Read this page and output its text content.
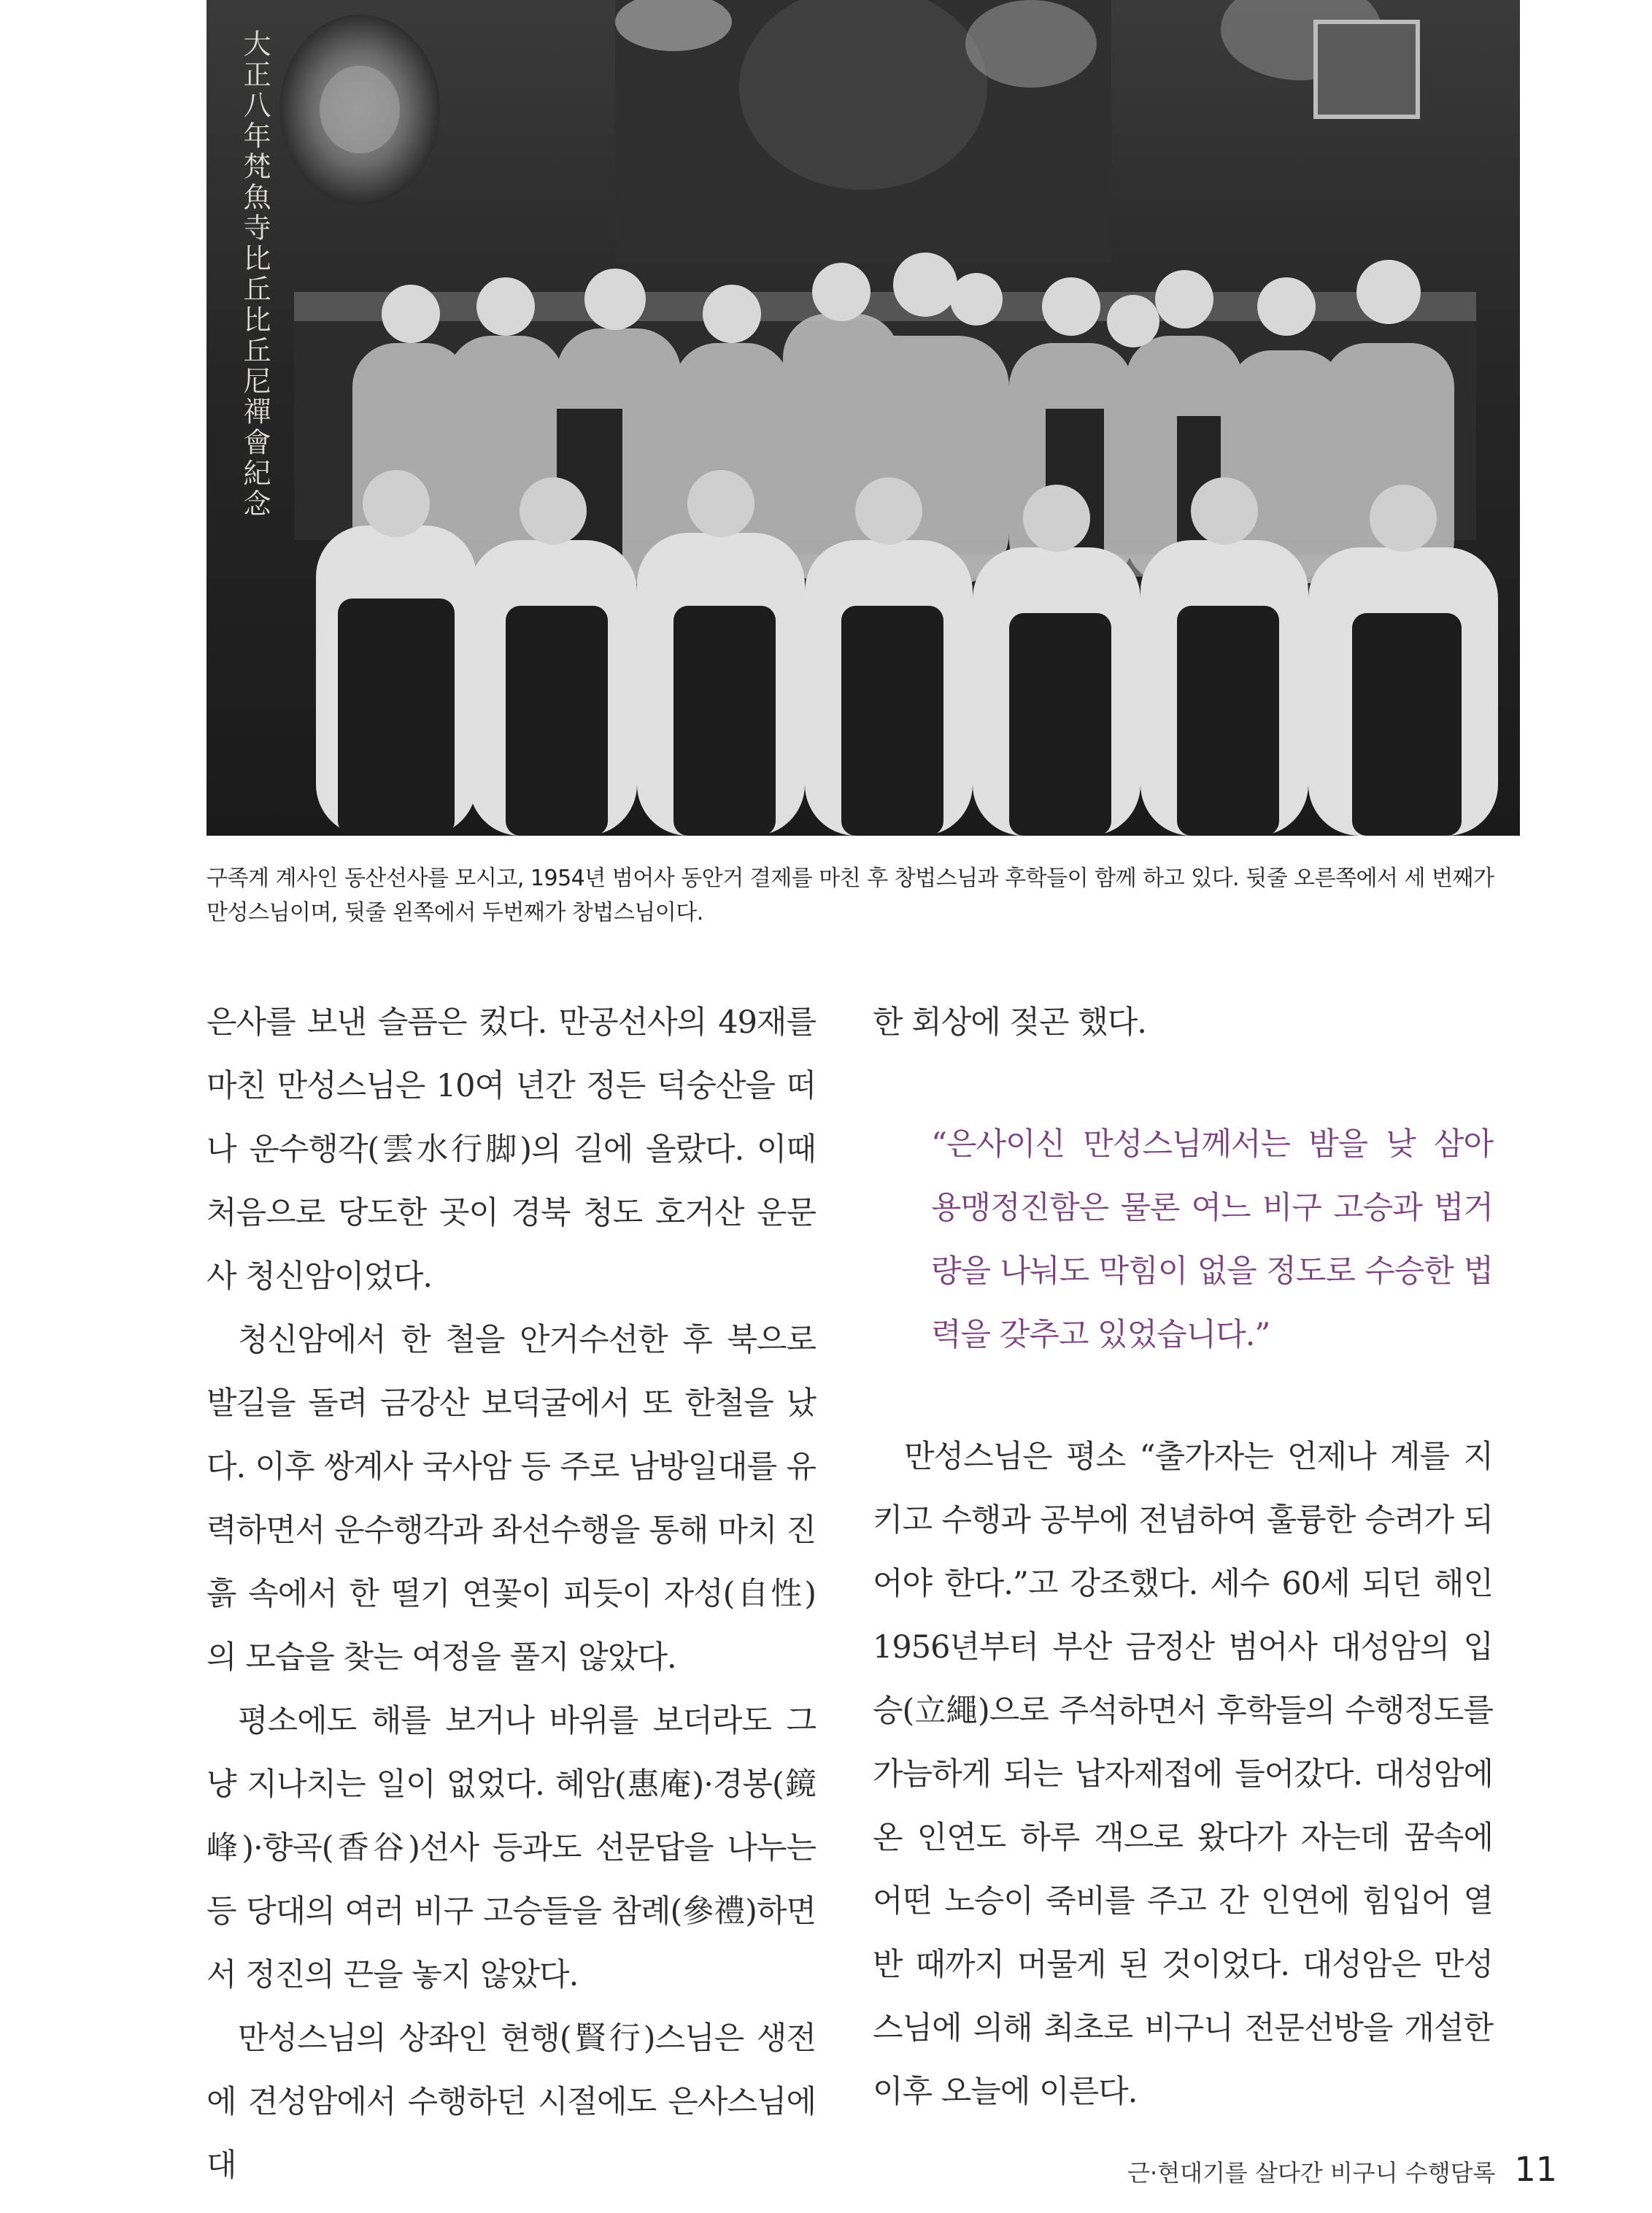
大正八年梵魚寺比丘比丘尼禪會紀念
구족계 계사인 동산선사를 모시고, 1954년 범어사 동안거 결제를 마친 후 창법스님과 후학들이 함께 하고 있다. 뒷줄 오른쪽에서 세 번째가 만성스님이며, 뒷줄 왼쪽에서 두번째가 창법스님이다.

은사를 보낸 슬픔은 컸다. 만공선사의 49재를 마친 만성스님은 10여 년간 정든 덕숭산을 떠나 운수행각(雲水行脚)의 길에 올랐다. 이때 처음으로 당도한 곳이 경북 청도 호거산 운문사 청신암이었다.

청신암에서 한 철을 안거수선한 후 북으로 발길을 돌려 금강산 보덕굴에서 또 한철을 났다. 이후 쌍계사 국사암 등 주로 남방일대를 유력하면서 운수행각과 좌선수행을 통해 마치 진흙 속에서 한 떨기 연꽃이 피듯이 자성(自性)의 모습을 찾는 여정을 풀지 않았다.

평소에도 해를 보거나 바위를 보더라도 그냥 지나치는 일이 없었다. 혜암(惠庵)·경봉(鏡峰)·향곡(香谷)선사 등과도 선문답을 나누는 등 당대의 여러 비구 고승들을 참례(參禮)하면서 정진의 끈을 놓지 않았다.

만성스님의 상좌인 현행(賢行)스님은 생전에 견성암에서 수행하던 시절에도 은사스님에 대

한 회상에 젖곤 했다.

“은사이신 만성스님께서는 밤을 낮 삼아 용맹정진함은 물론 여느 비구 고승과 법거량을 나눠도 막힘이 없을 정도로 수승한 법력을 갖추고 있었습니다.”

만성스님은 평소 “출가자는 언제나 계를 지키고 수행과 공부에 전념하여 훌륭한 승려가 되어야 한다.”고 강조했다. 세수 60세 되던 해인 1956년부터 부산 금정산 범어사 대성암의 입승(立繩)으로 주석하면서 후학들의 수행정도를 가늠하게 되는 납자제접에 들어갔다. 대성암에 온 인연도 하루 객으로 왔다가 자는데 꿈속에 어떤 노승이 죽비를 주고 간 인연에 힘입어 열반 때까지 머물게 된 것이었다. 대성암은 만성스님에 의해 최초로 비구니 전문선방을 개설한 이후 오늘에 이른다.

근·현대기를 살다간 비구니 수행담록 11
